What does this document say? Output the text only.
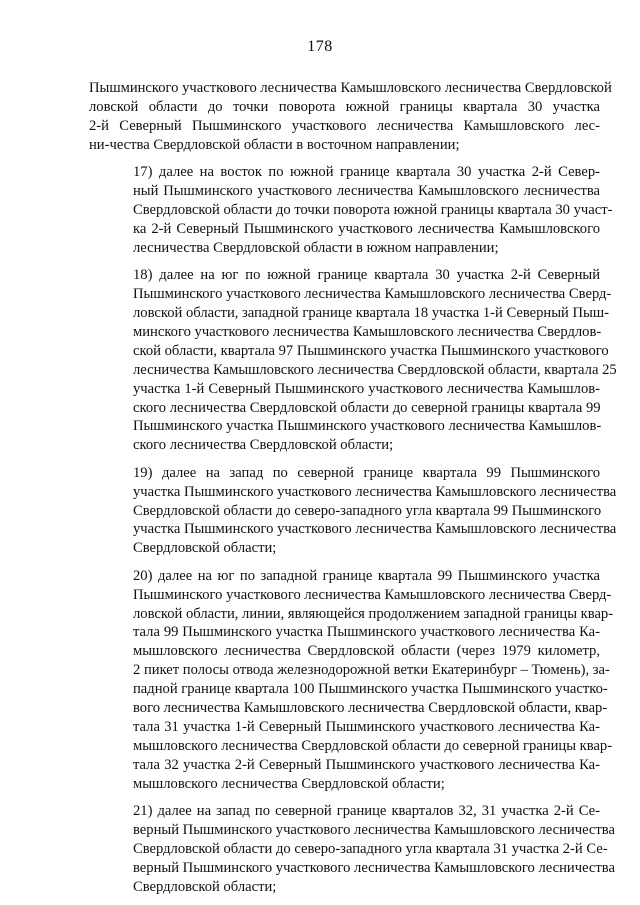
178

Пышминского участкового лесничества Камышловского лесничества Свердловской
ловской области до точки поворота южной границы квартала 30 участка
2-й Северный Пышминского участкового лесничества Камышловского лес-
ни-чества Свердловской области в восточном направлении;

17) далее на восток по южной границе квартала 30 участка 2-й Север-
ный Пышминского участкового лесничества Камышловского лесничества
Свердловской области до точки поворота южной границы квартала 30 участ-
ка 2-й Северный Пышминского участкового лесничества Камышловского
лесничества Свердловской области в южном направлении;

18) далее на юг по южной границе квартала 30 участка 2-й Северный
Пышминского участкового лесничества Камышловского лесничества Сверд-
ловской области, западной границе квартала 18 участка 1-й Северный Пыш-
минского участкового лесничества Камышловского лесничества Свердлов-
ской области, квартала 97 Пышминского участка Пышминского участкового
лесничества Камышловского лесничества Свердловской области, квартала 25
участка 1-й Северный Пышминского участкового лесничества Камышлов-
ского лесничества Свердловской области до северной границы квартала 99
Пышминского участка Пышминского участкового лесничества Камышлов-
ского лесничества Свердловской области;

19) далее на запад по северной границе квартала 99 Пышминского
участка Пышминского участкового лесничества Камышловского лесничества
Свердловской области до северо-западного угла квартала 99 Пышминского
участка Пышминского участкового лесничества Камышловского лесничества
Свердловской области;

20) далее на юг по западной границе квартала 99 Пышминского участка
Пышминского участкового лесничества Камышловского лесничества Сверд-
ловской области, линии, являющейся продолжением западной границы квар-
тала 99 Пышминского участка Пышминского участкового лесничества Ка-
мышловского лесничества Свердловской области (через 1979 километр,
2 пикет полосы отвода железнодорожной ветки Екатеринбург – Тюмень), за-
падной границе квартала 100 Пышминского участка Пышминского участко-
вого лесничества Камышловского лесничества Свердловской области, квар-
тала 31 участка 1-й Северный Пышминского участкового лесничества Ка-
мышловского лесничества Свердловской области до северной границы квар-
тала 32 участка 2-й Северный Пышминского участкового лесничества Ка-
мышловского лесничества Свердловской области;

21) далее на запад по северной границе кварталов 32, 31 участка 2-й Се-
верный Пышминского участкового лесничества Камышловского лесничества
Свердловской области до северо-западного угла квартала 31 участка 2-й Се-
верный Пышминского участкового лесничества Камышловского лесничества
Свердловской области;
